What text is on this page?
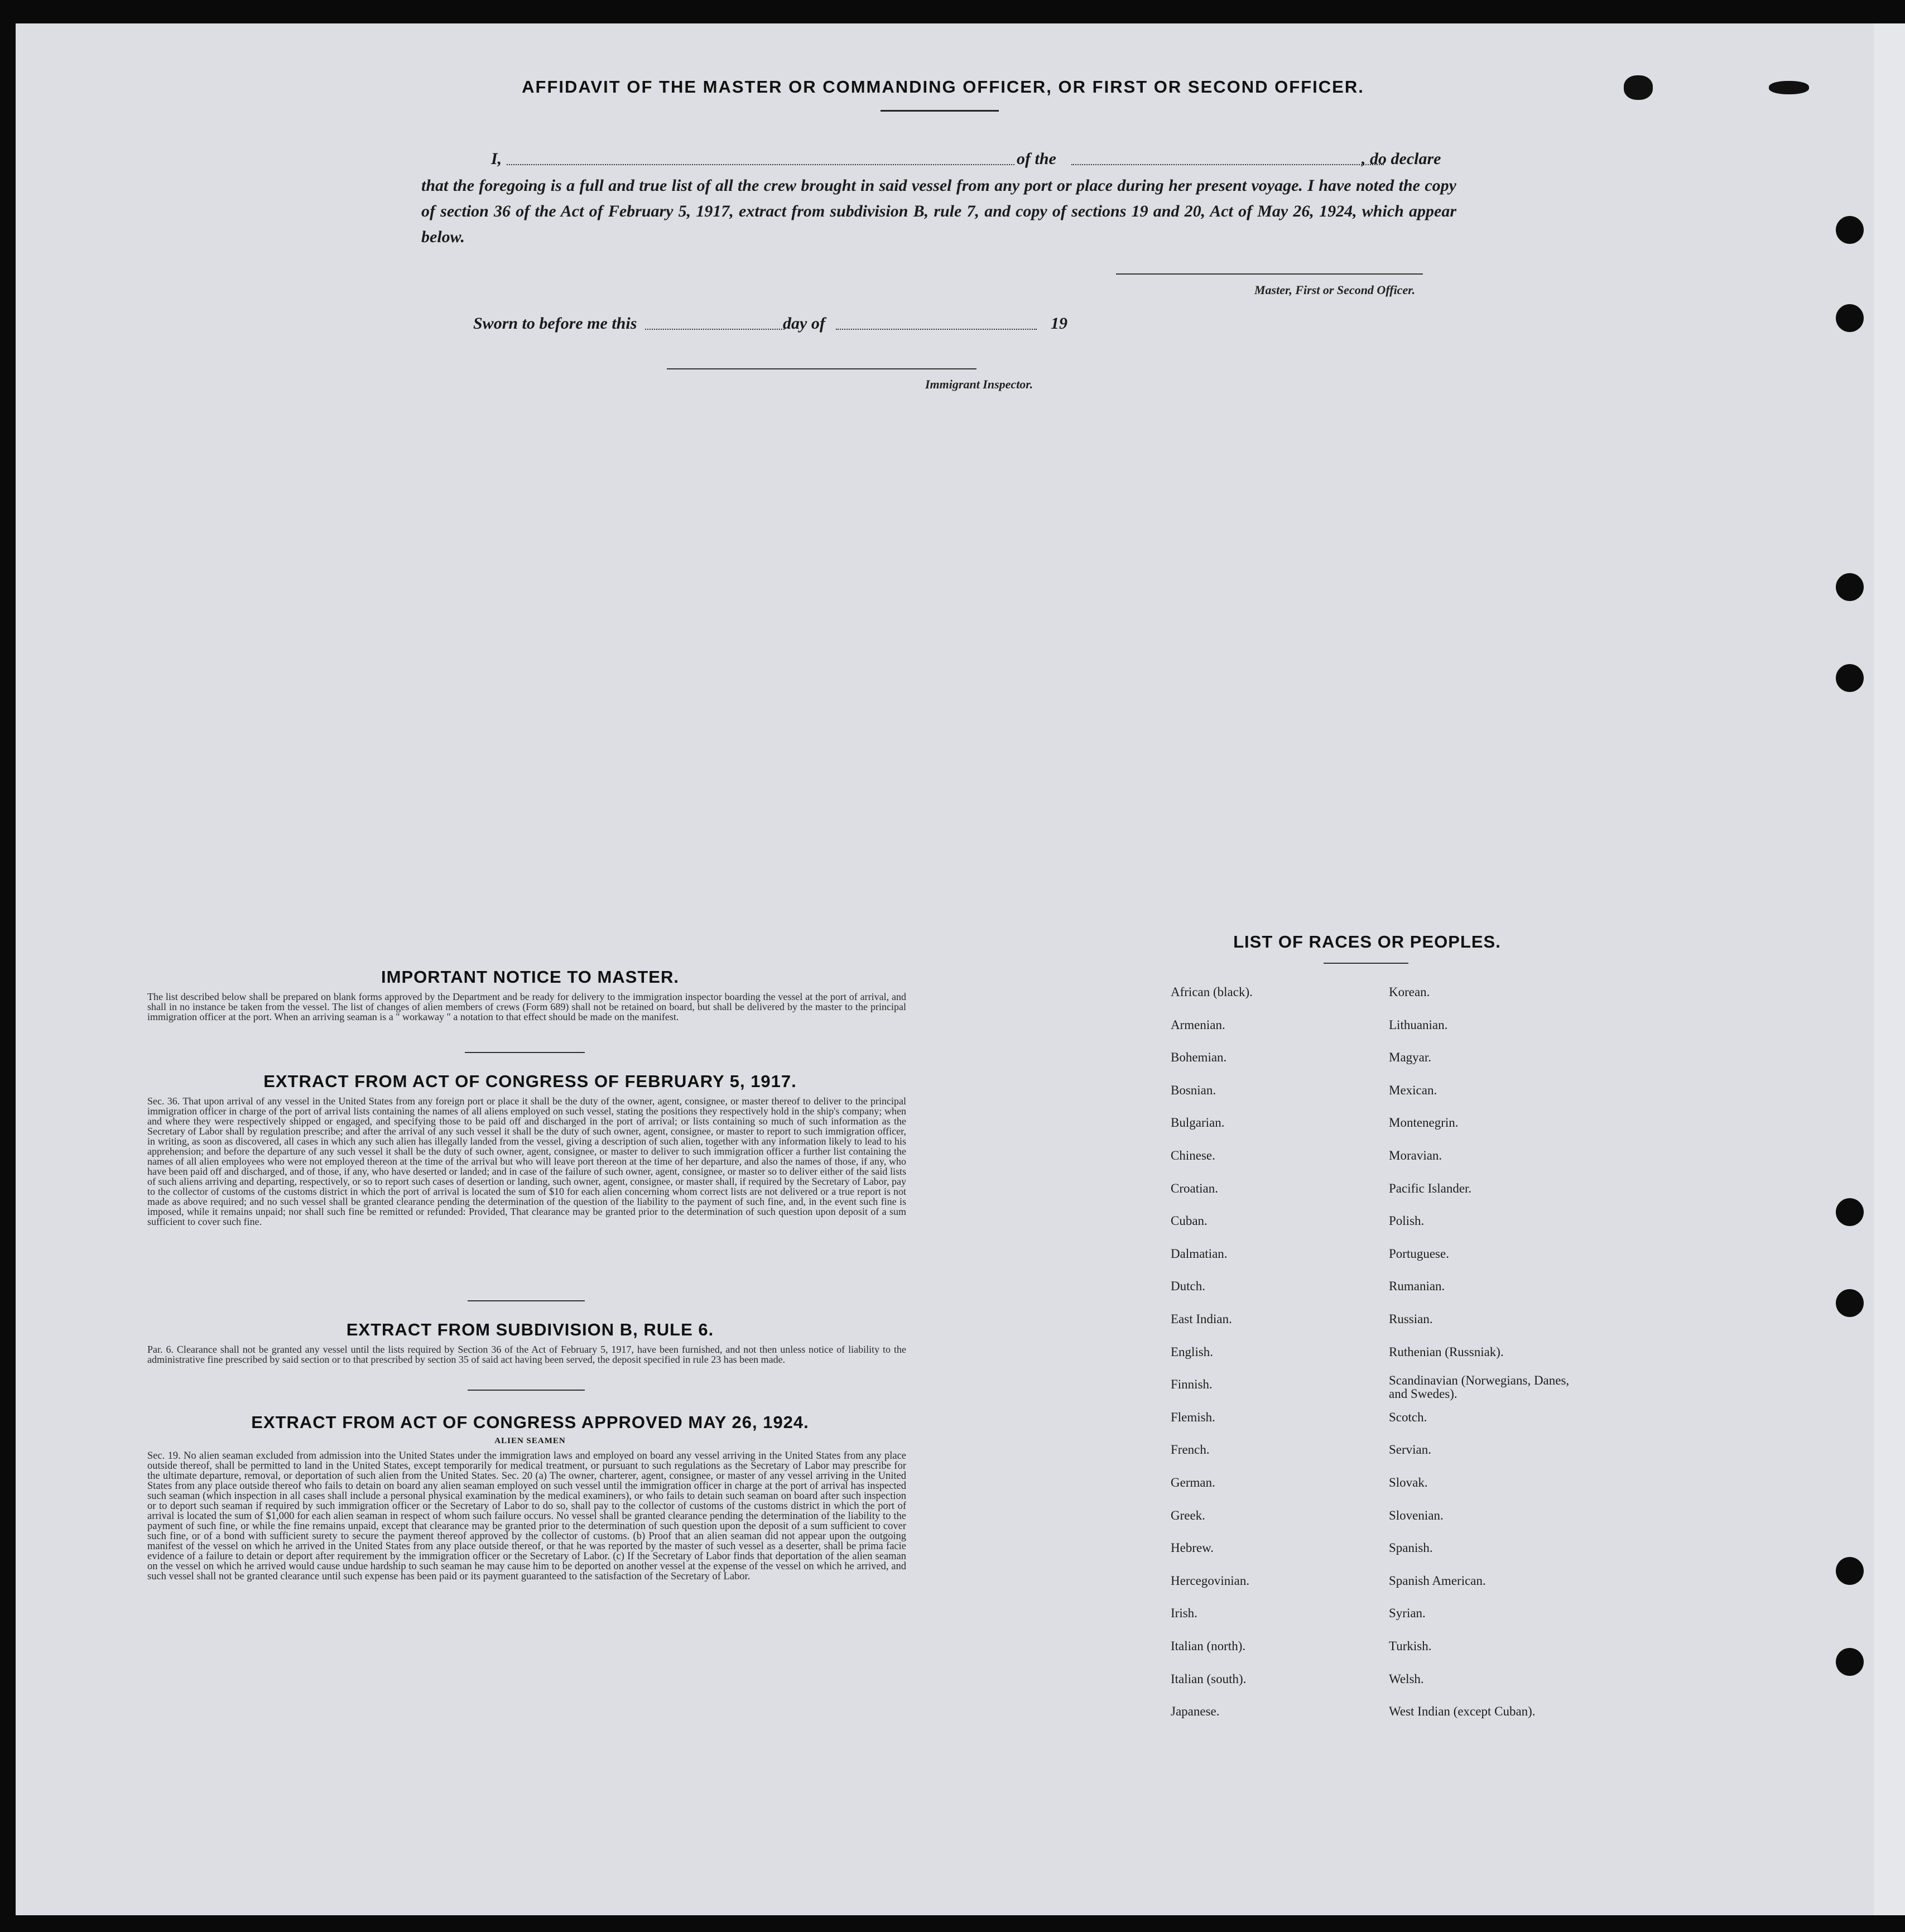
AFFIDAVIT OF THE MASTER OR COMMANDING OFFICER, OR FIRST OR SECOND OFFICER.
I,	of the	, do declare
that the foregoing is a full and true list of all the crew brought in said vessel from any port or place during her present voyage. I have noted the copy of section 36 of the Act of February 5, 1917, extract from subdivision B, rule 7, and copy of sections 19 and 20, Act of May 26, 1924, which appear below.
Master, First or Second Officer.
Sworn to before me this	day of	19
Immigrant Inspector.
IMPORTANT NOTICE TO MASTER.
The list described below shall be prepared on blank forms approved by the Department and be ready for delivery to the immigration inspector boarding the vessel at the port of arrival, and shall in no instance be taken from the vessel. The list of changes of alien members of crews (Form 689) shall not be retained on board, but shall be delivered by the master to the principal immigration officer at the port. When an arriving seaman is a " workaway " a notation to that effect should be made on the manifest.
EXTRACT FROM ACT OF CONGRESS OF FEBRUARY 5, 1917.
Sec. 36. That upon arrival of any vessel in the United States from any foreign port or place it shall be the duty of the owner, agent, consignee, or master thereof to deliver to the principal immigration officer in charge of the port of arrival lists containing the names of all aliens employed on such vessel, stating the positions they respectively hold in the ship's company; when and where they were respectively shipped or engaged, and specifying those to be paid off and discharged in the port of arrival; or lists containing so much of such information as the Secretary of Labor shall by regulation prescribe; and after the arrival of any such vessel it shall be the duty of such owner, agent, consignee, or master to report to such immigration officer, in writing, as soon as discovered, all cases in which any such alien has illegally landed from the vessel, giving a description of such alien, together with any information likely to lead to his apprehension; and before the departure of any such vessel it shall be the duty of such owner, agent, consignee, or master to deliver to such immigration officer a further list containing the names of all alien employees who were not employed thereon at the time of the arrival but who will leave port thereon at the time of her departure, and also the names of those, if any, who have been paid off and discharged, and of those, if any, who have deserted or landed; and in case of the failure of such owner, agent, consignee, or master so to deliver either of the said lists of such aliens arriving and departing, respectively, or so to report such cases of desertion or landing, such owner, agent, consignee, or master shall, if required by the Secretary of Labor, pay to the collector of customs of the customs district in which the port of arrival is located the sum of $10 for each alien concerning whom correct lists are not delivered or a true report is not made as above required; and no such vessel shall be granted clearance pending the determination of the question of the liability to the payment of such fine, and, in the event such fine is imposed, while it remains unpaid; nor shall such fine be remitted or refunded: Provided, That clearance may be granted prior to the determination of such question upon deposit of a sum sufficient to cover such fine.
EXTRACT FROM SUBDIVISION B, RULE 6.
Par. 6. Clearance shall not be granted any vessel until the lists required by Section 36 of the Act of February 5, 1917, have been furnished, and not then unless notice of liability to the administrative fine prescribed by said section or to that prescribed by section 35 of said act having been served, the deposit specified in rule 23 has been made.
EXTRACT FROM ACT OF CONGRESS APPROVED MAY 26, 1924.
ALIEN SEAMEN
Sec. 19. No alien seaman excluded from admission into the United States under the immigration laws and employed on board any vessel arriving in the United States from any place outside thereof, shall be permitted to land in the United States, except temporarily for medical treatment, or pursuant to such regulations as the Secretary of Labor may prescribe for the ultimate departure, removal, or deportation of such alien from the United States. Sec. 20 (a) The owner, charterer, agent, consignee, or master of any vessel arriving in the United States from any place outside thereof who fails to detain on board any alien seaman employed on such vessel until the immigration officer in charge at the port of arrival has inspected such seaman (which inspection in all cases shall include a personal physical examination by the medical examiners), or who fails to detain such seaman on board after such inspection or to deport such seaman if required by such immigration officer or the Secretary of Labor to do so, shall pay to the collector of customs of the customs district in which the port of arrival is located the sum of $1,000 for each alien seaman in respect of whom such failure occurs. No vessel shall be granted clearance pending the determination of the liability to the payment of such fine, or while the fine remains unpaid, except that clearance may be granted prior to the determination of such question upon the deposit of a sum sufficient to cover such fine, or of a bond with sufficient surety to secure the payment thereof approved by the collector of customs. (b) Proof that an alien seaman did not appear upon the outgoing manifest of the vessel on which he arrived in the United States from any place outside thereof, or that he was reported by the master of such vessel as a deserter, shall be prima facie evidence of a failure to detain or deport after requirement by the immigration officer or the Secretary of Labor. (c) If the Secretary of Labor finds that deportation of the alien seaman on the vessel on which he arrived would cause undue hardship to such seaman he may cause him to be deported on another vessel at the expense of the vessel on which he arrived, and such vessel shall not be granted clearance until such expense has been paid or its payment guaranteed to the satisfaction of the Secretary of Labor.
LIST OF RACES OR PEOPLES.
African (black).
Armenian.
Bohemian.
Bosnian.
Bulgarian.
Chinese.
Croatian.
Cuban.
Dalmatian.
Dutch.
East Indian.
English.
Finnish.
Flemish.
French.
German.
Greek.
Hebrew.
Hercegovinian.
Irish.
Italian (north).
Italian (south).
Japanese.
Korean.
Lithuanian.
Magyar.
Mexican.
Montenegrin.
Moravian.
Pacific Islander.
Polish.
Portuguese.
Rumanian.
Russian.
Ruthenian (Russniak).
Scandinavian (Norwegians, Danes, and Swedes).
Scotch.
Servian.
Slovak.
Slovenian.
Spanish.
Spanish American.
Syrian.
Turkish.
Welsh.
West Indian (except Cuban).
